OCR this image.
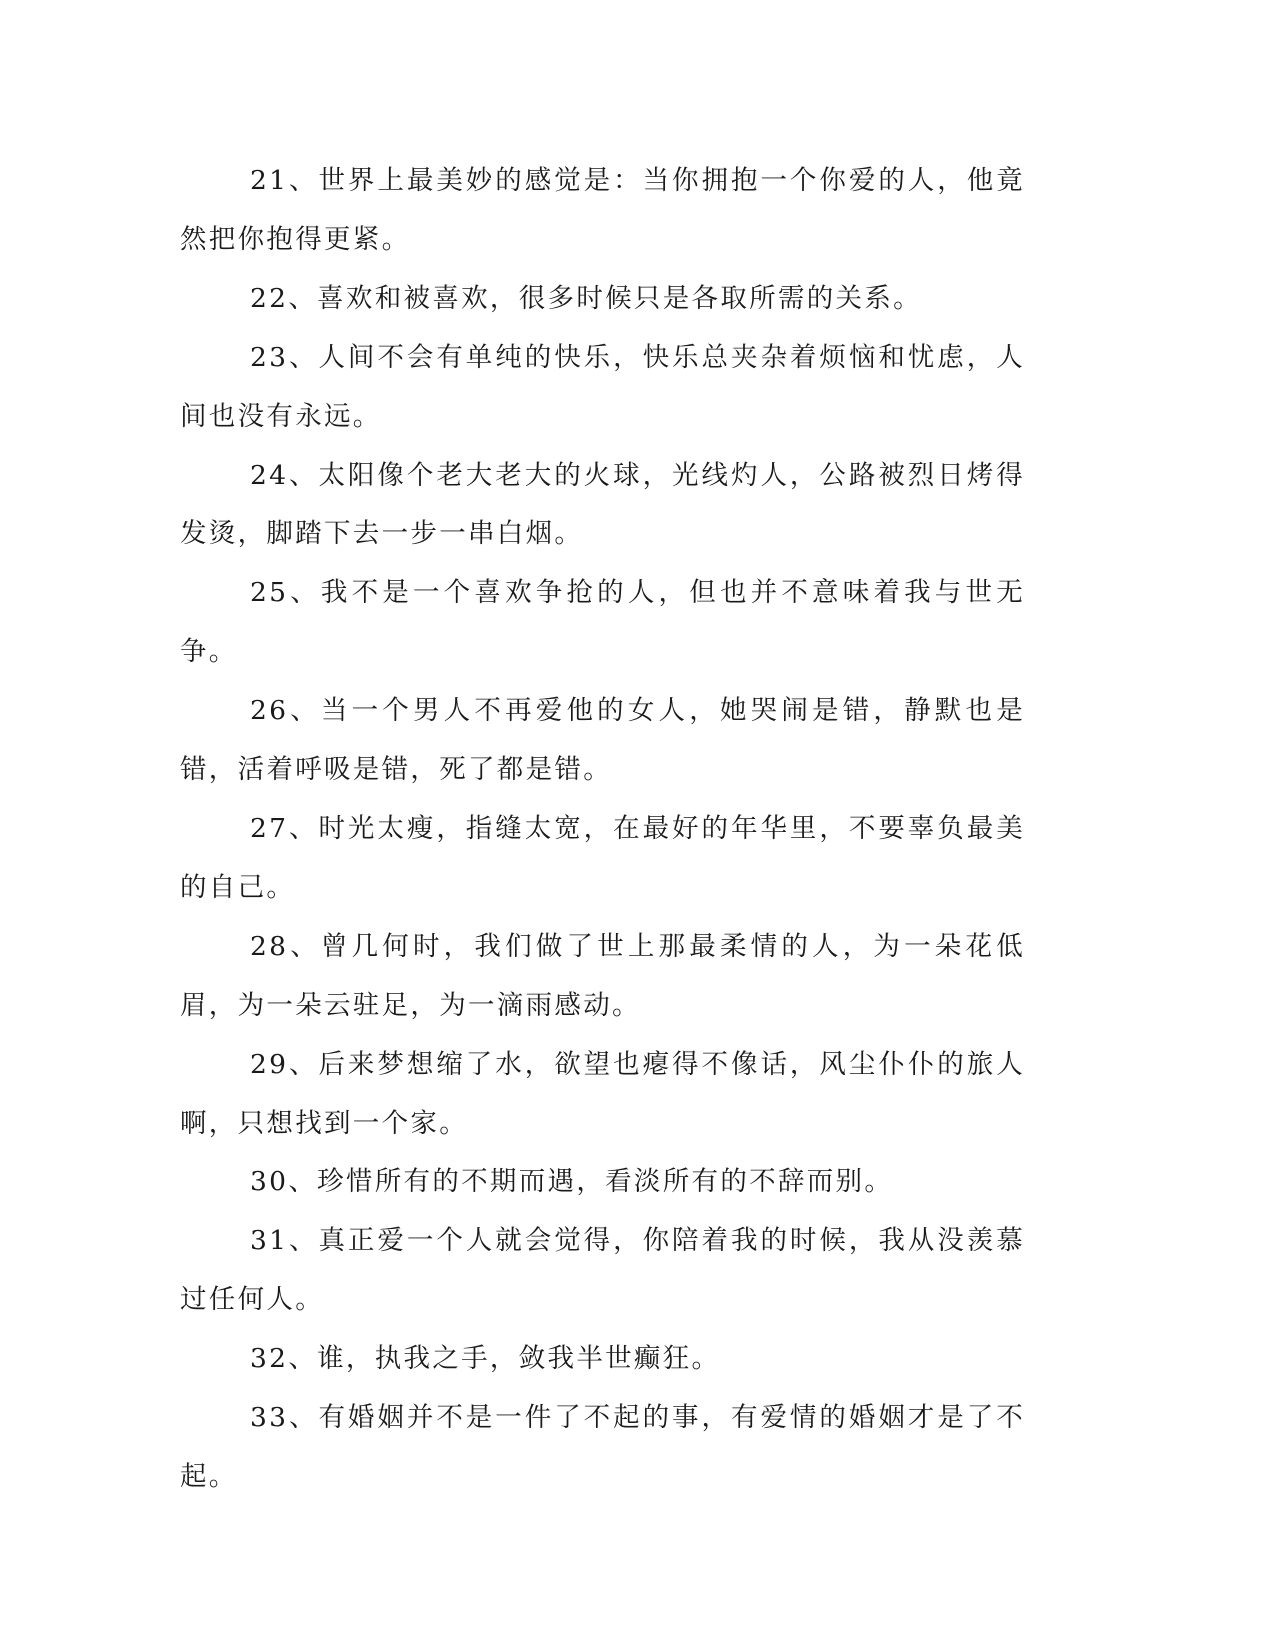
21、世界上最美妙的感觉是：当你拥抱一个你爱的人，他竟然把你抱得更紧。

22、喜欢和被喜欢，很多时候只是各取所需的关系。

23、人间不会有单纯的快乐，快乐总夹杂着烦恼和忧虑，人间也没有永远。

24、太阳像个老大老大的火球，光线灼人，公路被烈日烤得发烫，脚踏下去一步一串白烟。

25、我不是一个喜欢争抢的人，但也并不意味着我与世无争。

26、当一个男人不再爱他的女人，她哭闹是错，静默也是错，活着呼吸是错，死了都是错。

27、时光太瘦，指缝太宽，在最好的年华里，不要辜负最美的自己。

28、曾几何时，我们做了世上那最柔情的人，为一朵花低眉，为一朵云驻足，为一滴雨感动。

29、后来梦想缩了水，欲望也瘪得不像话，风尘仆仆的旅人啊，只想找到一个家。

30、珍惜所有的不期而遇，看淡所有的不辞而别。

31、真正爱一个人就会觉得，你陪着我的时候，我从没羡慕过任何人。

32、谁，执我之手，敛我半世癫狂。

33、有婚姻并不是一件了不起的事，有爱情的婚姻才是了不起。
